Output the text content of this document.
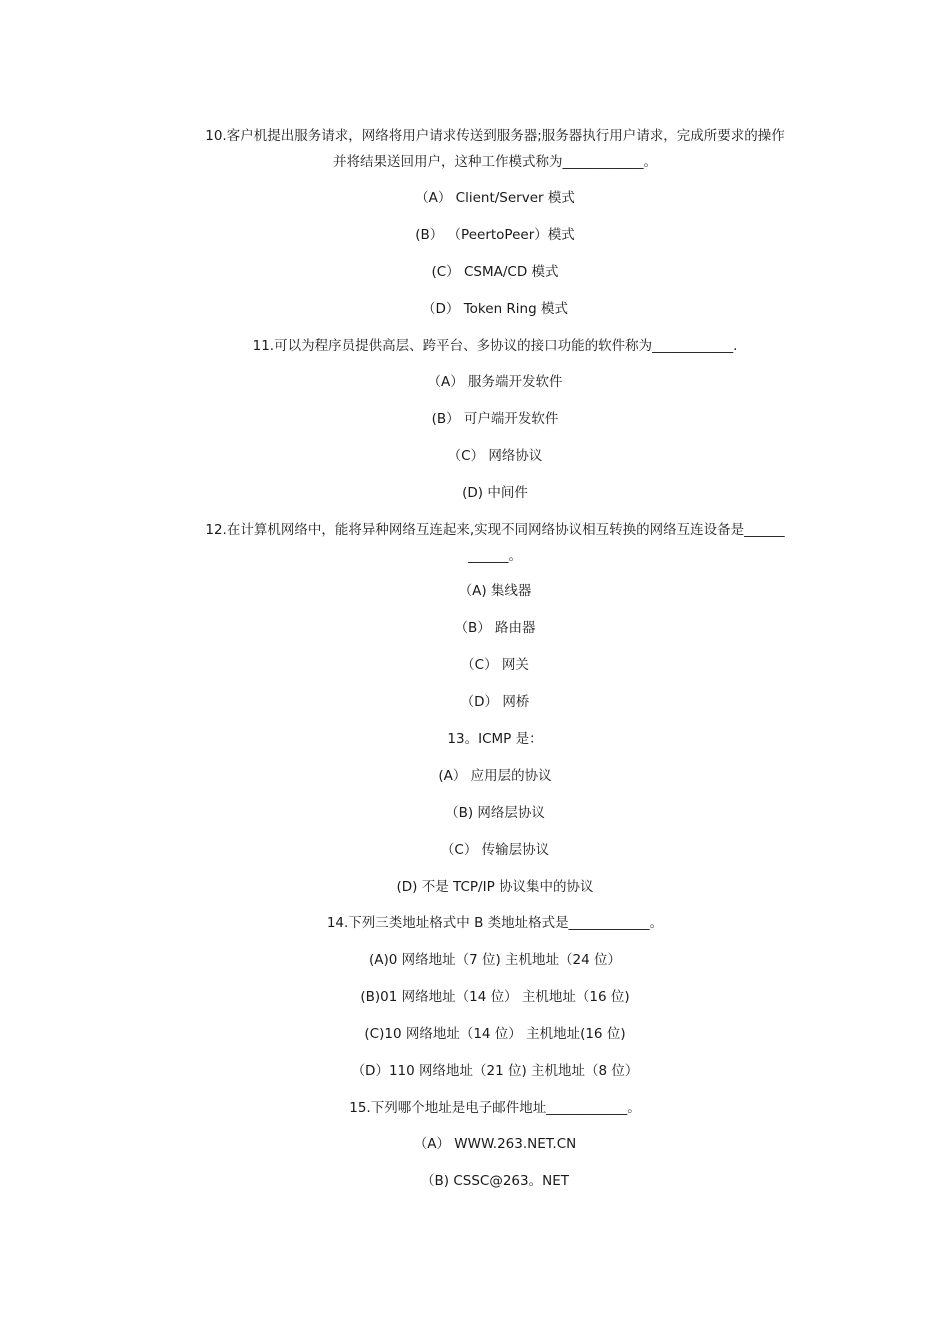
10.客户机提出服务请求，网络将用户请求传送到服务器;服务器执行用户请求，完成所要求的操作
并将结果送回用户，这种工作模式称为____________。
（A） Client/Server 模式
(B） （PeertoPeer）模式
(C） CSMA/CD 模式
（D） Token Ring 模式
11.可以为程序员提供高层、跨平台、多协议的接口功能的软件称为____________.
（A） 服务端开发软件
(B） 可户端开发软件
（C） 网络协议
(D) 中间件
12.在计算机网络中，能将异种网络互连起来,实现不同网络协议相互转换的网络互连设备是______
______。
（A) 集线器
（B） 路由器
（C） 网关
（D） 网桥
13。ICMP 是：
(A） 应用层的协议
（B) 网络层协议
（C） 传输层协议
(D) 不是 TCP/IP 协议集中的协议
14.下列三类地址格式中 B 类地址格式是____________。
(A)0 网络地址（7 位) 主机地址（24 位）
(B)01 网络地址（14 位） 主机地址（16 位)
(C)10 网络地址（14 位） 主机地址(16 位)
（D）110 网络地址（21 位) 主机地址（8 位）
15.下列哪个地址是电子邮件地址____________。
（A） WWW.263.NET.CN
（B) CSSC@263。NET
